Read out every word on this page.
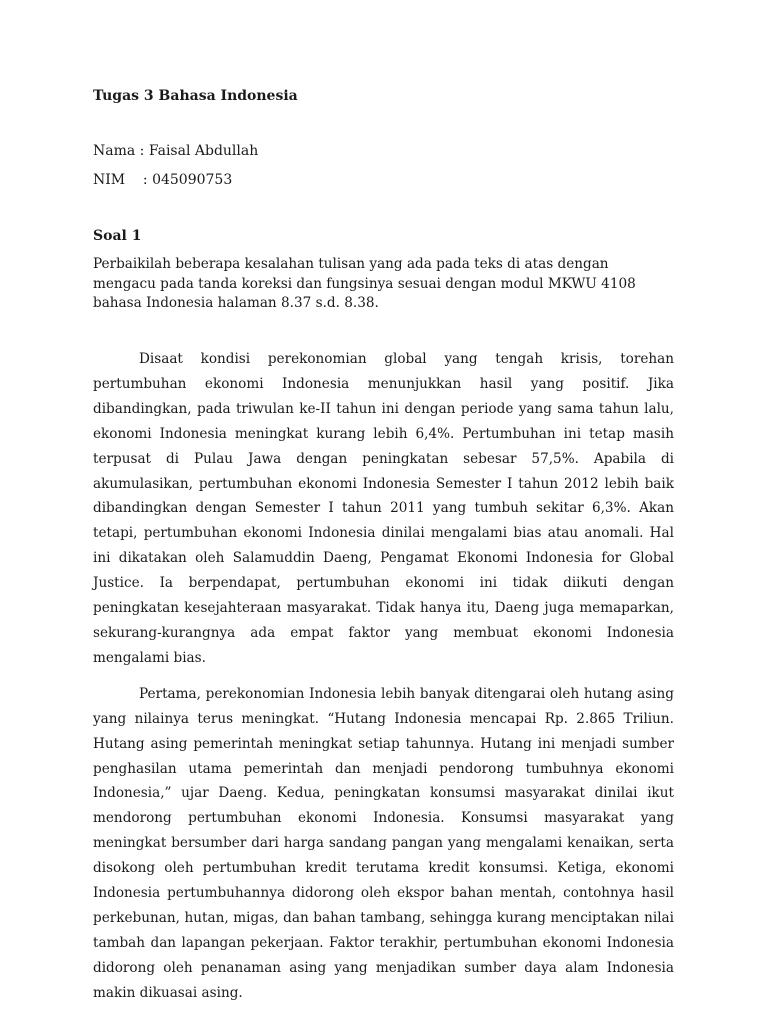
Tugas 3 Bahasa Indonesia

Nama : Faisal Abdullah

NIM    : 045090753

Soal 1

Perbaikilah beberapa kesalahan tulisan yang ada pada teks di atas dengan mengacu pada tanda koreksi dan fungsinya sesuai dengan modul MKWU 4108 bahasa Indonesia halaman 8.37 s.d. 8.38.

Disaat kondisi perekonomian global yang tengah krisis, torehan pertumbuhan ekonomi Indonesia menunjukkan hasil yang positif. Jika dibandingkan, pada triwulan ke-II tahun ini dengan periode yang sama tahun lalu, ekonomi Indonesia meningkat kurang lebih 6,4%. Pertumbuhan ini tetap masih terpusat di Pulau Jawa dengan peningkatan sebesar 57,5%. Apabila di akumulasikan, pertumbuhan ekonomi Indonesia Semester I tahun 2012 lebih baik dibandingkan dengan Semester I tahun 2011 yang tumbuh sekitar 6,3%. Akan tetapi, pertumbuhan ekonomi Indonesia dinilai mengalami bias atau anomali. Hal ini dikatakan oleh Salamuddin Daeng, Pengamat Ekonomi Indonesia for Global Justice. Ia berpendapat, pertumbuhan ekonomi ini tidak diikuti dengan peningkatan kesejahteraan masyarakat. Tidak hanya itu, Daeng juga memaparkan, sekurang-kurangnya ada empat faktor yang membuat ekonomi Indonesia mengalami bias.

Pertama, perekonomian Indonesia lebih banyak ditengarai oleh hutang asing yang nilainya terus meningkat. “Hutang Indonesia mencapai Rp. 2.865 Triliun. Hutang asing pemerintah meningkat setiap tahunnya. Hutang ini menjadi sumber penghasilan utama pemerintah dan menjadi pendorong tumbuhnya ekonomi Indonesia,” ujar Daeng. Kedua, peningkatan konsumsi masyarakat dinilai ikut mendorong pertumbuhan ekonomi Indonesia. Konsumsi masyarakat yang meningkat bersumber dari harga sandang pangan yang mengalami kenaikan, serta disokong oleh pertumbuhan kredit terutama kredit konsumsi. Ketiga, ekonomi Indonesia pertumbuhannya didorong oleh ekspor bahan mentah, contohnya hasil perkebunan, hutan, migas, dan bahan tambang, sehingga kurang menciptakan nilai tambah dan lapangan pekerjaan. Faktor terakhir, pertumbuhan ekonomi Indonesia didorong oleh penanaman asing yang menjadikan sumber daya alam Indonesia makin dikuasai asing.
